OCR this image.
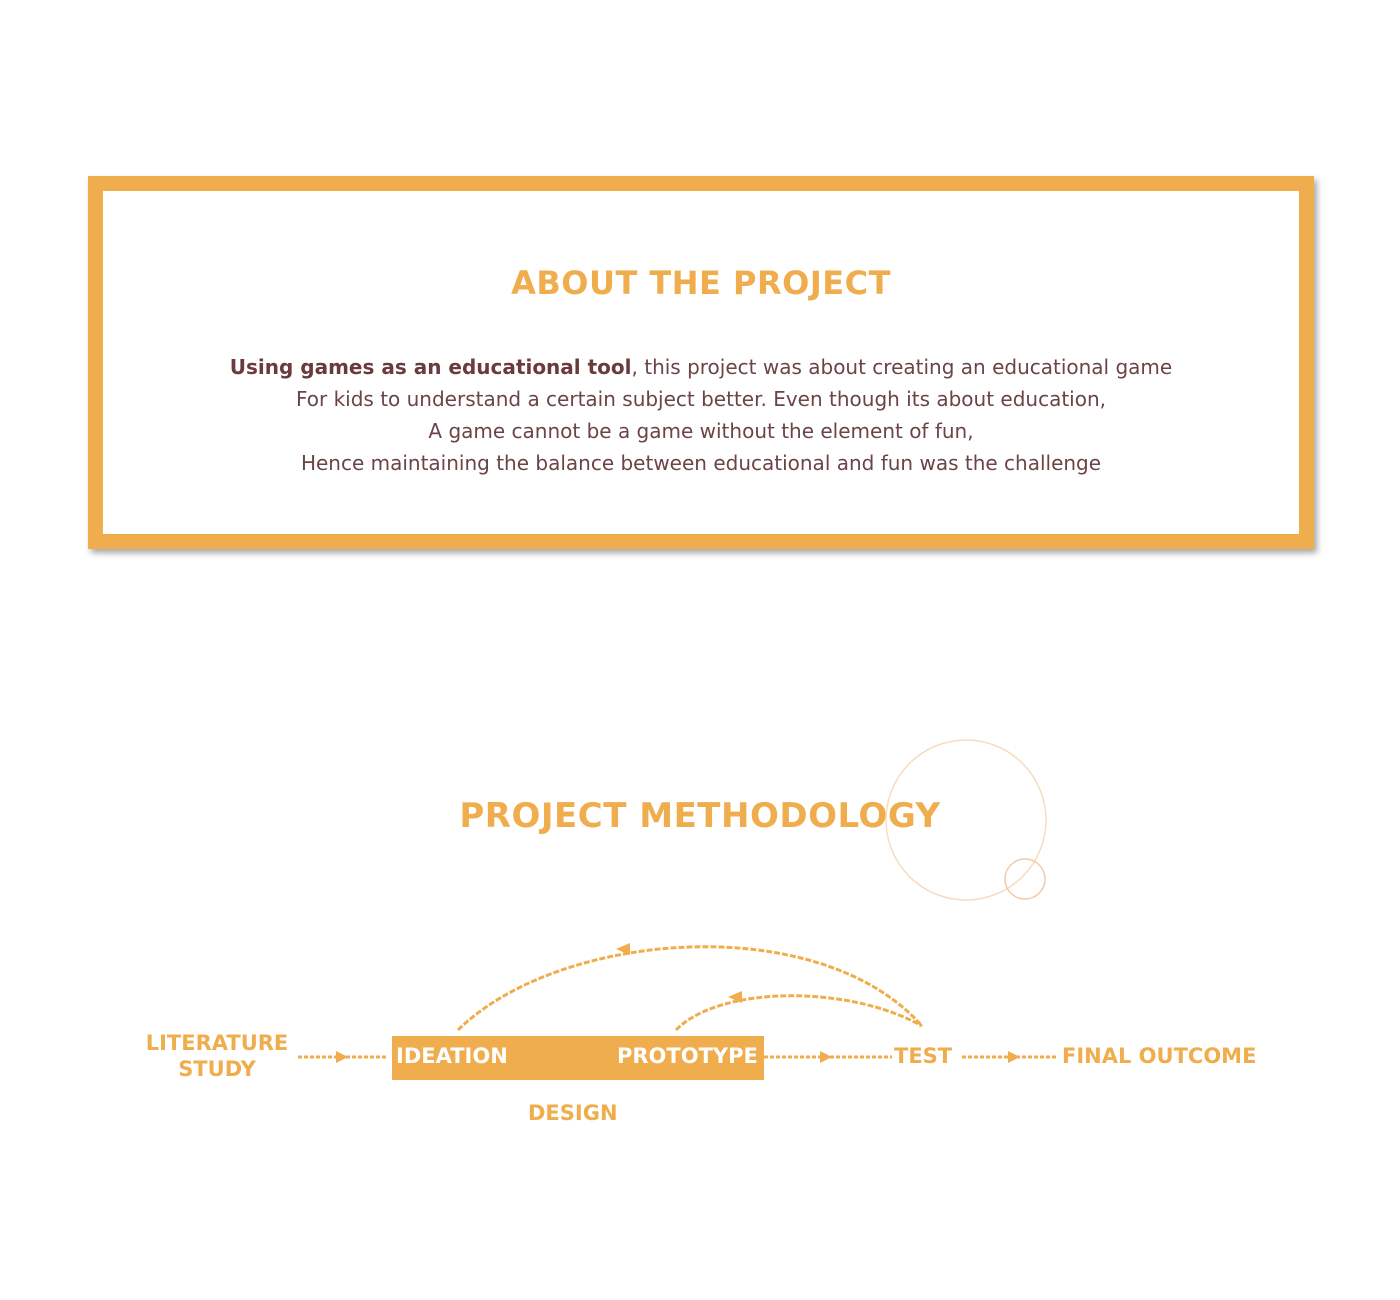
ABOUT THE PROJECT
Using games as an educational tool, this project was about creating an educational game
For kids to understand a certain subject better. Even though its about education,
A game cannot be a game without the element of fun,
Hence maintaining the balance between educational and fun was the challenge
PROJECT METHODOLOGY
LITERATURE
STUDY
IDEATION	PROTOTYPE	TEST	FINAL OUTCOME
DESIGN
